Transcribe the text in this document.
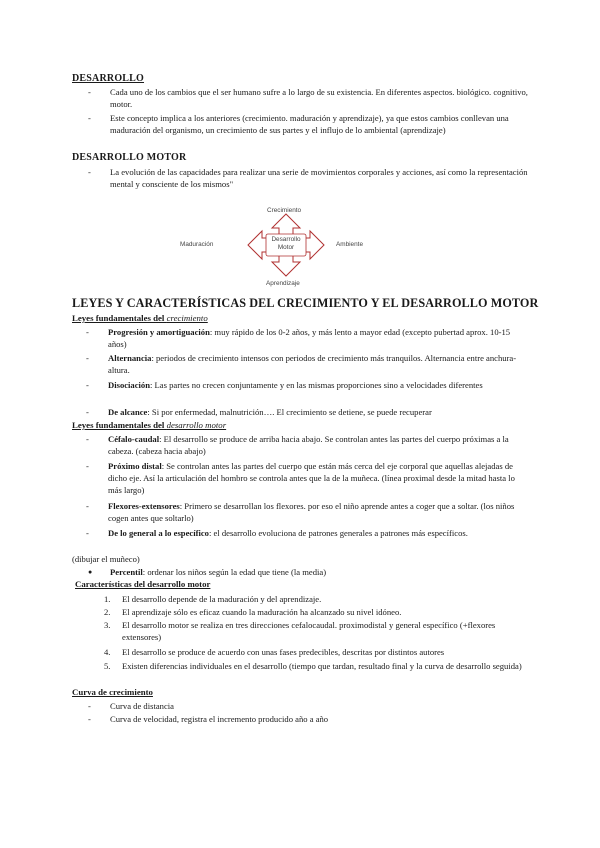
DESARROLLO
-	Cada uno de los cambios que el ser humano sufre a lo largo de su existencia. En diferentes aspectos. biológico. cognitivo, motor.
-	Este concepto implica a los anteriores (crecimiento. maduración y aprendizaje), ya que estos cambios conllevan una maduración del organismo, un crecimiento de sus partes y el influjo de lo ambiental (aprendizaje)
DESARROLLO MOTOR
-	La evolución de las capacidades para realizar una serie de movimientos corporales y acciones, así como la representación mental y consciente de los mismos"
Crecimiento
Maduración	Ambiente
Aprendizaje
Desarrollo
Motor
LEYES Y CARACTERÍSTICAS DEL CRECIMIENTO Y EL DESARROLLO MOTOR
Leyes fundamentales del crecimiento
-	Progresión y amortiguación: muy rápido de los 0-2 años, y más lento a mayor edad (excepto pubertad aprox. 10-15 años)
-	Alternancia: periodos de crecimiento intensos con periodos de crecimiento más tranquilos. Alternancia entre anchura-altura.
-	Disociación: Las partes no crecen conjuntamente y en las mismas proporciones sino a velocidades diferentes
-	De alcance: Si por enfermedad, malnutrición…. El crecimiento se detiene, se puede recuperar
Leyes fundamentales del desarrollo motor
-	Céfalo-caudal: El desarrollo se produce de arriba hacia abajo. Se controlan antes las partes del cuerpo próximas a la cabeza. (cabeza hacia abajo)
-	Próximo distal: Se controlan antes las partes del cuerpo que están más cerca del eje corporal que aquellas alejadas de dicho eje. Así la articulación del hombro se controla antes que la de la muñeca. (línea proximal desde la mitad hasta lo más largo)
-	Flexores-extensores: Primero se desarrollan los flexores. por eso el niño aprende antes a coger que a soltar. (los niños cogen antes que soltarlo)
-	De lo general a lo específico: el desarrollo evoluciona de patrones generales a patrones más específicos.
(dibujar el muñeco)
●	Percentil: ordenar los niños según la edad que tiene (la media)
Características del desarrollo motor
1. El desarrollo depende de la maduración y del aprendizaje.
2. El aprendizaje sólo es eficaz cuando la maduración ha alcanzado su nivel idóneo.
3. El desarrollo motor se realiza en tres direcciones cefalocaudal. proximodistal y general específico (+flexores extensores)
4. El desarrollo se produce de acuerdo con unas fases predecibles, descritas por distintos autores
5. Existen diferencias individuales en el desarrollo (tiempo que tardan, resultado final y la curva de desarrollo seguida)
Curva de crecimiento
-	Curva de distancia
-	Curva de velocidad, registra el incremento producido año a año
